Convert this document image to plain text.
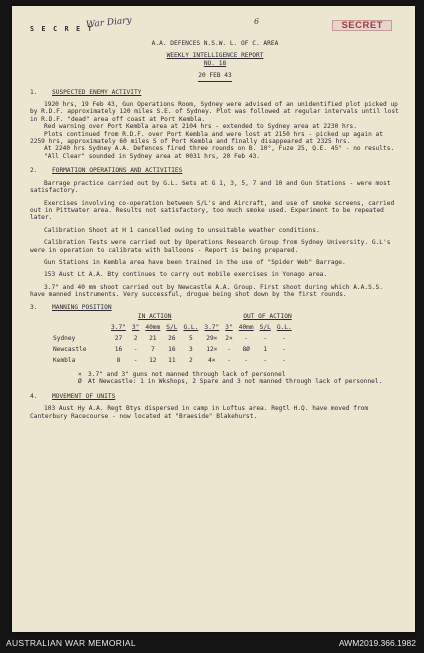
S E C R E T
War Diary	6	SECRET

A.A. DEFENCES N.S.W. L. OF C. AREA

WEEKLY INTELLIGENCE REPORT

NO. 18

20 FEB 43

1.	SUSPECTED ENEMY ACTIVITY

1920 hrs, 19 Feb 43, Gun Operations Room, Sydney were advised of an unidentified plot picked up by R.D.F. approximately 120 miles S.E. of Sydney. Plot was followed at regular intervals until lost in R.D.F. "dead" area off coast at Port Kembla.

Red warning over Port Kembla area at 2104 hrs - extended to Sydney area at 2230 hrs.

Plots continued from R.D.F. over Port Kembla and were lost at 2150 hrs - picked up again at 2259 hrs, approximately 60 miles S of Port Kembla and finally disappeared at 2325 hrs.

At 2240 hrs Sydney A.A. Defences fired three rounds on B. 10°, Fuze 25, Q.E. 45° - no results.

"All Clear" sounded in Sydney area at 0031 hrs, 20 Feb 43.

2.	FORMATION OPERATIONS AND ACTIVITIES

Barrage practice carried out by G.L. Sets at G 1, 3, 5, 7 and 10 and Gun Stations - were most satisfactory.

Exercises involving co-operation between S/L's and Aircraft, and use of smoke screens, carried out in Pittwater area. Results not satisfactory, too much smoke used. Experiment to be repeated later.

Calibration Shoot at H 1 cancelled owing to unsuitable weather conditions.

Calibration Tests were carried out by Operations Research Group from Sydney University. G.L's were in operation to calibrate with balloons - Report is being prepared.

Gun Stations in Kembla area have been trained in the use of "Spider Web" Barrage.

153 Aust Lt A.A. Bty continues to carry out mobile exercises in Yonago area.

3.7" and 40 mm shoot carried out by Newcastle A.A. Group. First shoot during which A.A.S.S. have manned instruments. Very successful, drogue being shot down by the first rounds.

3.	MANNING POSITION
	IN ACTION					OUT OF ACTION				
	3.7"	3"	40mm	S/L	G.L.	3.7"	3"	40mm	S/L	G.L.
Sydney	27	2	21	26	5	29×	2×	-	-	-
Newcastle	16	-	7	16	3	12×	-	8Ø	1	-
Kembla	8	-	12	11	2	4×	-	-	-	-
×	3.7" and 3" guns not manned through lack of personnel
Ø	At Newcastle: 1 in Wkshops, 2 Spare and 3 not manned through lack of personnel.
4.	MOVEMENT OF UNITS

103 Aust Hy A.A. Regt Btys dispersed in camp in Loftus area. Regtl H.Q. have moved from Canterbury Racecourse - now located at "Braeside" Blakehurst.

AUSTRALIAN WAR MEMORIAL	AWM2019.366.1982
